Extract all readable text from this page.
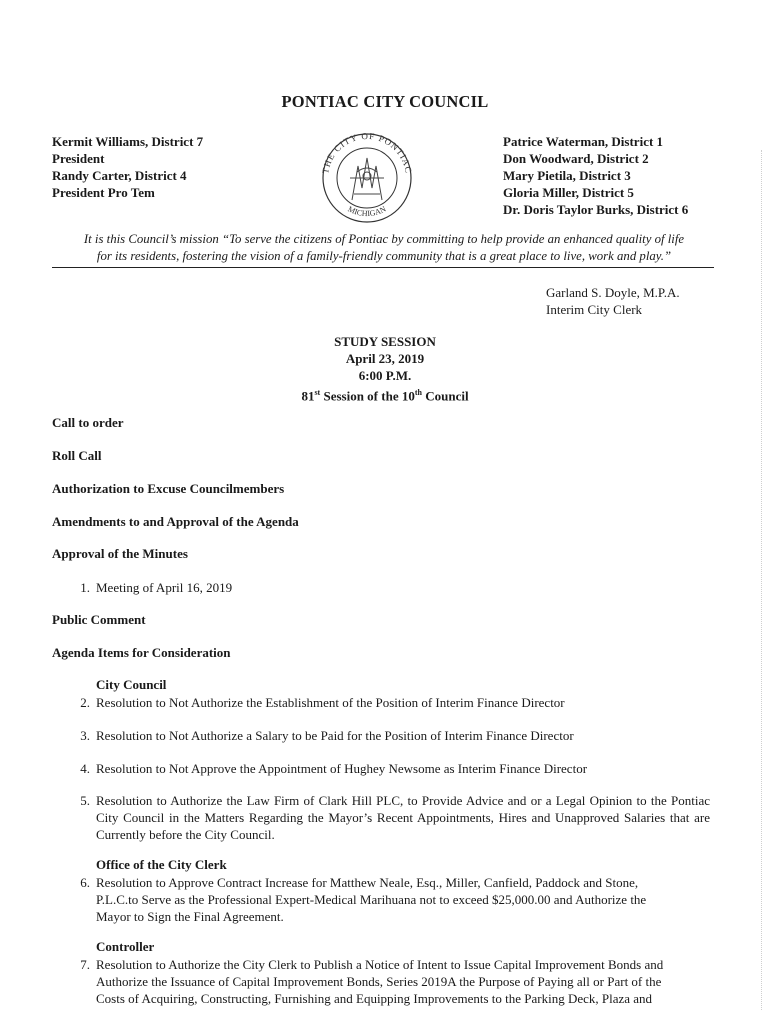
PONTIAC CITY COUNCIL
Kermit Williams, District 7
President
Randy Carter, District 4
President Pro Tem
THE CITY OF PONTIAC
MICHIGAN
Patrice Waterman, District 1
Don Woodward, District 2
Mary Pietila, District 3
Gloria Miller, District 5
Dr. Doris Taylor Burks, District 6
It is this Council’s mission “To serve the citizens of Pontiac by committing to help provide an enhanced quality of life
for its residents, fostering the vision of a family-friendly community that is a great place to live, work and play.”
Garland S. Doyle, M.P.A.
Interim City Clerk
STUDY SESSION
April 23, 2019
6:00 P.M.
81st Session of the 10th Council
Call to order
Roll Call
Authorization to Excuse Councilmembers
Amendments to and Approval of the Agenda
Approval of the Minutes
1. Meeting of April 16, 2019
Public Comment
Agenda Items for Consideration
City Council
2. Resolution to Not Authorize the Establishment of the Position of Interim Finance Director
3. Resolution to Not Authorize a Salary to be Paid for the Position of Interim Finance Director
4. Resolution to Not Approve the Appointment of Hughey Newsome as Interim Finance Director
5. Resolution to Authorize the Law Firm of Clark Hill PLC, to Provide Advice and or a Legal Opinion to the Pontiac City Council in the Matters Regarding the Mayor’s Recent Appointments, Hires and Unapproved Salaries that are Currently before the City Council.
Office of the City Clerk
6. Resolution to Approve Contract Increase for Matthew Neale, Esq., Miller, Canfield, Paddock and Stone,
P.L.C.to Serve as the Professional Expert-Medical Marihuana not to exceed $25,000.00 and Authorize the
Mayor to Sign the Final Agreement.
Controller
7. Resolution to Authorize the City Clerk to Publish a Notice of Intent to Issue Capital Improvement Bonds and
Authorize the Issuance of Capital Improvement Bonds, Series 2019A the Purpose of Paying all or Part of the
Costs of Acquiring, Constructing, Furnishing and Equipping Improvements to the Parking Deck, Plaza and
